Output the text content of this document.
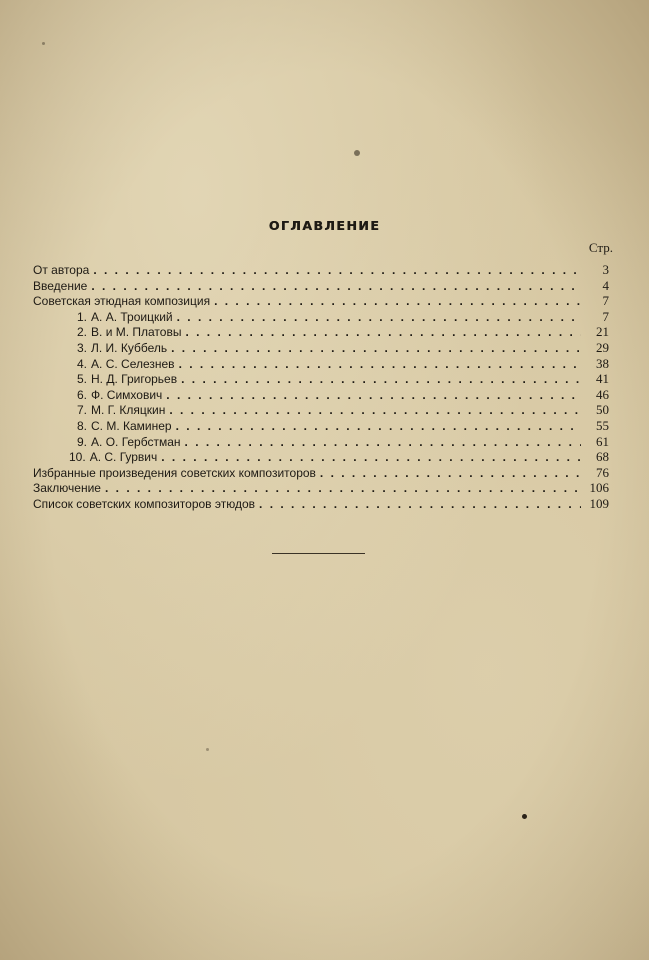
ОГЛАВЛЕНИЕ
Стр.
От автора . . .	3
Введение . . .	4
Советская этюдная композиция . . .	7
1. А. А. Троицкий . . .	7
2. В. и М. Платовы . . .	21
3. Л. И. Куббель . . .	29
4. А. С. Селезнев . . .	38
5. Н. Д. Григорьев . . .	41
6. Ф. Симхович . . .	46
7. М. Г. Кляцкин . . .	50
8. С. М. Каминер . . .	55
9. А. О. Гербстман . . .	61
10. А. С. Гурвич . . .	68
Избранные произведения советских композиторов . . .	76
Заключение . . .	106
Список советских композиторов этюдов . . .	109
